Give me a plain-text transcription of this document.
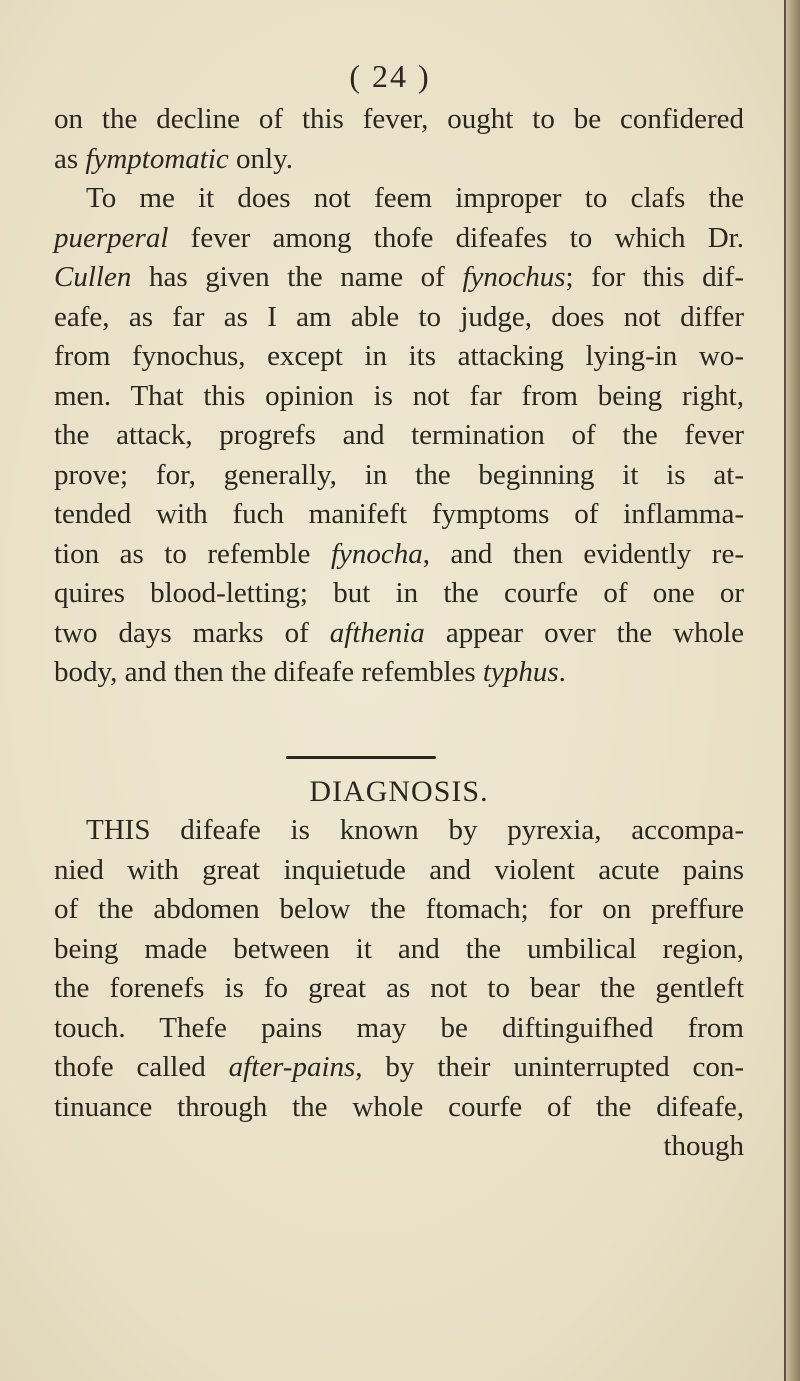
( 24 )
on the decline of this fever, ought to be confidered
as fymptomatic only.
To me it does not feem improper to clafs the
puerperal fever among thofe difeafes to which Dr.
Cullen has given the name of fynochus; for this dif-
eafe, as far as I am able to judge, does not differ
from fynochus, except in its attacking lying-in wo-
men. That this opinion is not far from being right,
the attack, progrefs and termination of the fever
prove; for, generally, in the beginning it is at-
tended with fuch manifeft fymptoms of inflamma-
tion as to refemble fynocha, and then evidently re-
quires blood-letting; but in the courfe of one or
two days marks of afthenia appear over the whole
body, and then the difeafe refembles typhus.
DIAGNOSIS.
THIS difeafe is known by pyrexia, accompa-
nied with great inquietude and violent acute pains
of the abdomen below the ftomach; for on preffure
being made between it and the umbilical region,
the forenefs is fo great as not to bear the gentleft
touch. Thefe pains may be diftinguifhed from
thofe called after-pains, by their uninterrupted con-
tinuance through the whole courfe of the difeafe,
though
